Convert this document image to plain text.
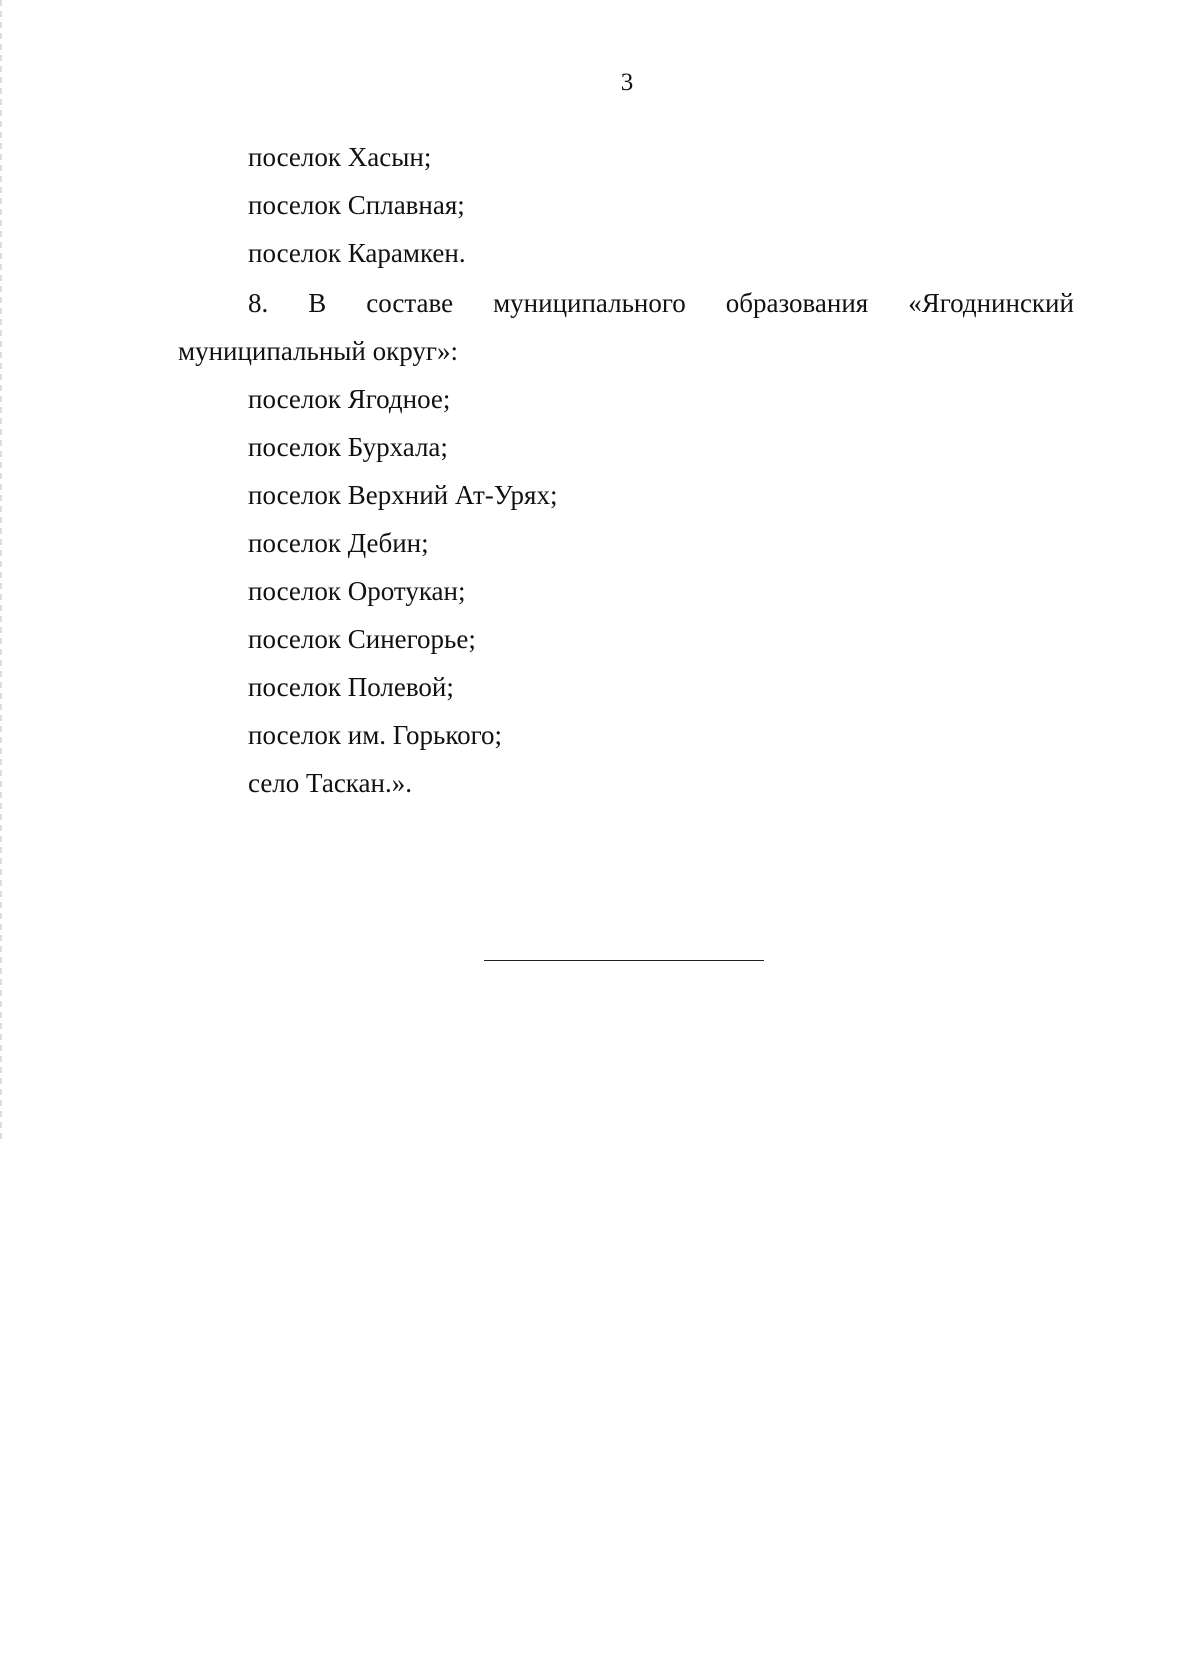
3
поселок Хасын;
поселок Сплавная;
поселок Карамкен.
8. В составе муниципального образования «Ягоднинский
муниципальный округ»:
поселок Ягодное;
поселок Бурхала;
поселок Верхний Ат-Урях;
поселок Дебин;
поселок Оротукан;
поселок Синегорье;
поселок Полевой;
поселок им. Горького;
село Таскан.».
